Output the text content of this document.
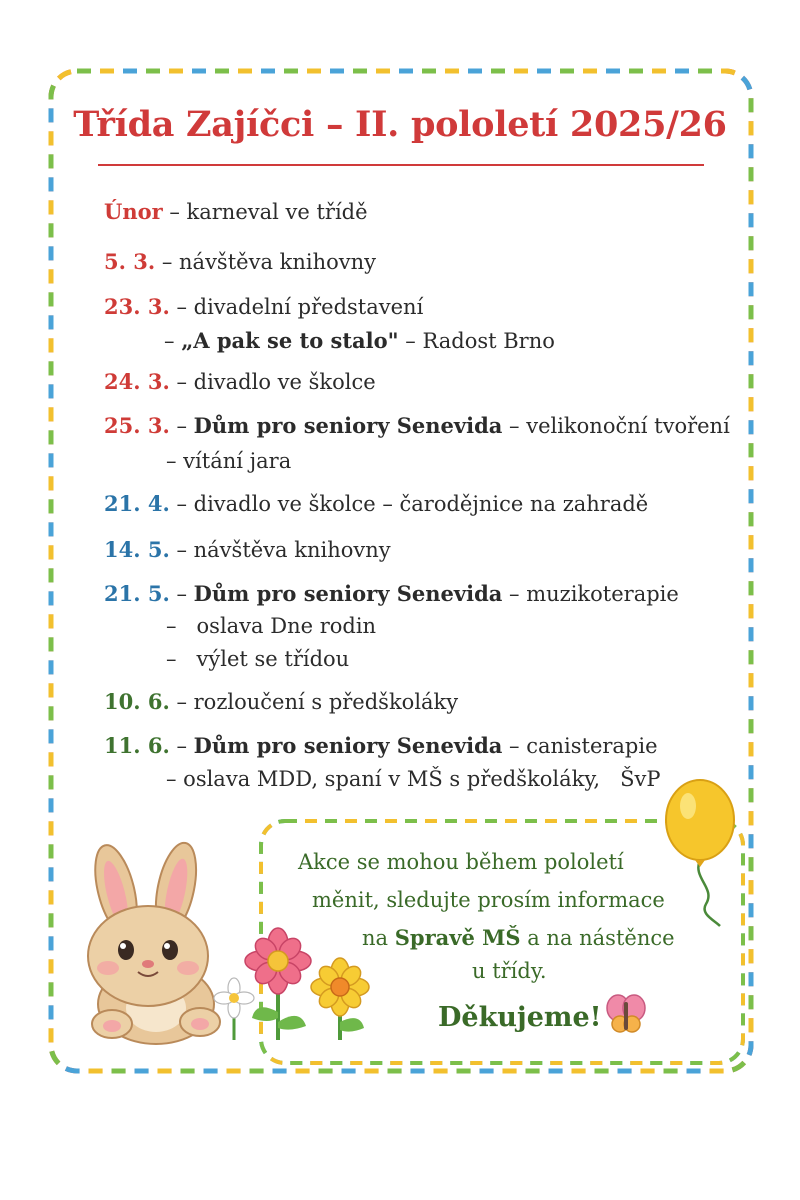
Třída Zajíčci – II. pololetí 2025/26
Únor – karneval ve třídě
5. 3. – návštěva knihovny
23. 3. – divadelní představení
– „A pak se to stalo" – Radost Brno
24. 3. – divadlo ve školce
25. 3. – Dům pro seniory Senevida – velikonoční tvoření
– vítání jara
21. 4. – divadlo ve školce – čarodějnice na zahradě
14. 5. – návštěva knihovny
21. 5. – Dům pro seniory Senevida – muzikoterapie
–   oslava Dne rodin
–   výlet se třídou
10. 6. – rozloučení s předškoláky
11. 6. – Dům pro seniory Senevida – canisterapie
– oslava MDD, spaní v MŠ s předškoláky,   ŠvP
Akce se mohou během pololetí
měnit, sledujte prosím informace
na Spravě MŠ a na nástěnce
u třídy.
Děkujeme!
